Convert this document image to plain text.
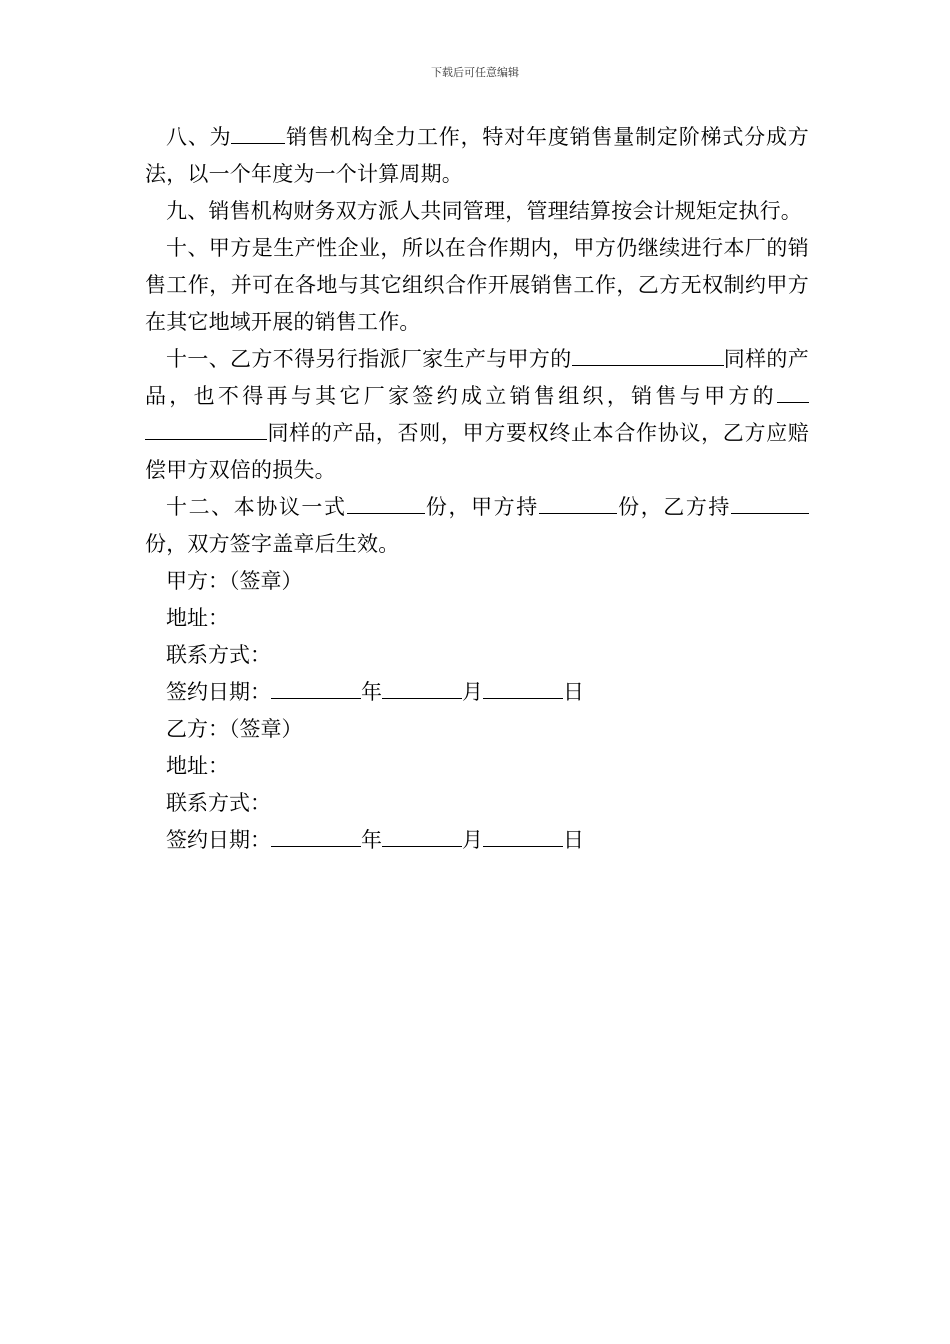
下载后可任意编辑

八、为	销售机构全力工作，特对年度销售量制定阶梯式分成方法，以一个年度为一个计算周期。

九、销售机构财务双方派人共同管理，管理结算按会计规矩定执行。

十、甲方是生产性企业，所以在合作期内，甲方仍继续进行本厂的销售工作，并可在各地与其它组织合作开展销售工作，乙方无权制约甲方在其它地域开展的销售工作。

十一、乙方不得另行指派厂家生产与甲方的	同样的产品，也不得再与其它厂家签约成立销售组织，销售与甲方的同样的产品，否则，甲方要权终止本合作协议，乙方应赔偿甲方双倍的损失。

十二、本协议一式	份，甲方持	份，乙方持份，双方签字盖章后生效。

甲方：（签章）

地址：

联系方式：

签约日期：	年	月	日

乙方：（签章）

地址：

联系方式：

签约日期：	年	月	日
